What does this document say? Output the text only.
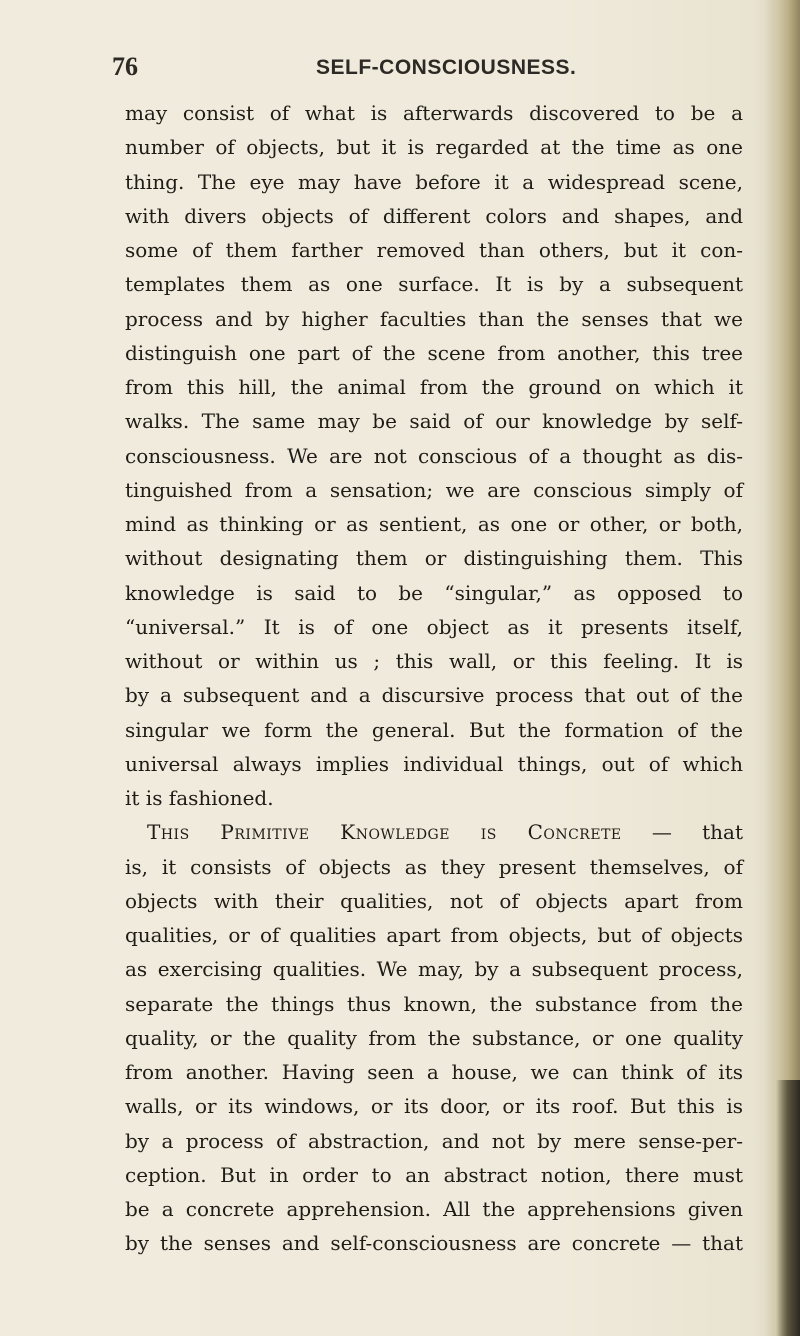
76	SELF-CONSCIOUSNESS.
may consist of what is afterwards discovered to be a
number of objects, but it is regarded at the time as one
thing. The eye may have before it a widespread scene,
with divers objects of different colors and shapes, and
some of them farther removed than others, but it con-
templates them as one surface. It is by a subsequent
process and by higher faculties than the senses that we
distinguish one part of the scene from another, this tree
from this hill, the animal from the ground on which it
walks. The same may be said of our knowledge by self-
consciousness. We are not conscious of a thought as dis-
tinguished from a sensation; we are conscious simply of
mind as thinking or as sentient, as one or other, or both,
without designating them or distinguishing them. This
knowledge is said to be “singular,” as opposed to
“universal.” It is of one object as it presents itself,
without or within us ; this wall, or this feeling. It is
by a subsequent and a discursive process that out of the
singular we form the general. But the formation of the
universal always implies individual things, out of which
it is fashioned.
This Primitive Knowledge is Concrete — that
is, it consists of objects as they present themselves, of
objects with their qualities, not of objects apart from
qualities, or of qualities apart from objects, but of objects
as exercising qualities. We may, by a subsequent process,
separate the things thus known, the substance from the
quality, or the quality from the substance, or one quality
from another. Having seen a house, we can think of its
walls, or its windows, or its door, or its roof. But this is
by a process of abstraction, and not by mere sense-per-
ception. But in order to an abstract notion, there must
be a concrete apprehension. All the apprehensions given
by the senses and self-consciousness are concrete — that
